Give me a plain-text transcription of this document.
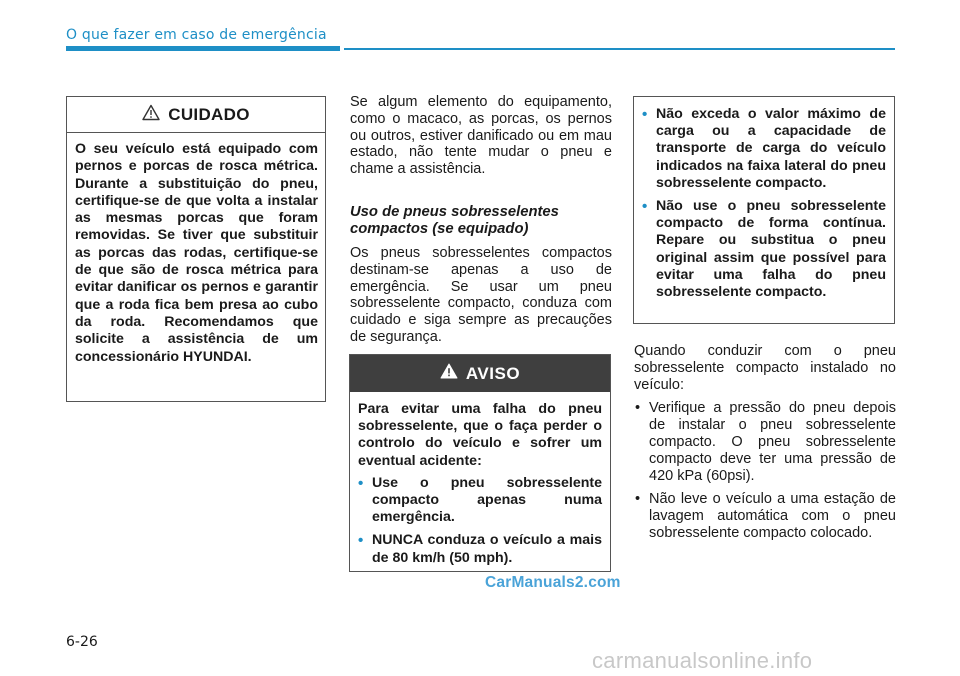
O que fazer em caso de emergência
CUIDADO
O seu veículo está equipado com pernos e porcas de rosca métrica. Durante a substituição do pneu, certifique-se de que volta a instalar as mesmas porcas que foram removidas. Se tiver que substituir as porcas das rodas, certifique-se de que são de rosca métrica para evitar danificar os pernos e garantir que a roda fica bem presa ao cubo da roda. Recomendamos que solicite a assistência de um concessionário HYUNDAI.

Se algum elemento do equipamento, como o macaco, as porcas, os pernos ou outros, estiver danificado ou em mau estado, não tente mudar o pneu e chame a assistência.

Uso de pneus sobresselentes compactos (se equipado)

Os pneus sobresselentes compactos destinam-se apenas a uso de emergência. Se usar um pneu sobresselente compacto, conduza com cuidado e siga sempre as precauções de segurança.

AVISO
Para evitar uma falha do pneu sobresselente, que o faça perder o controlo do veículo e sofrer um eventual acidente:
• Use o pneu sobresselente compacto apenas numa emergência.
• NUNCA conduza o veículo a mais de 80 km/h (50 mph).
• Não exceda o valor máximo de carga ou a capacidade de transporte de carga do veículo indicados na faixa lateral do pneu sobresselente compacto.
• Não use o pneu sobresselente compacto de forma contínua. Repare ou substitua o pneu original assim que possível para evitar uma falha do pneu sobresselente compacto.

Quando conduzir com o pneu sobresselente compacto instalado no veículo:

• Verifique a pressão do pneu depois de instalar o pneu sobresselente compacto. O pneu sobresselente compacto deve ter uma pressão de 420 kPa (60psi).
• Não leve o veículo a uma estação de lavagem automática com o pneu sobresselente compacto colocado.
CarManuals2.com
6-26
carmanualsonline.info
